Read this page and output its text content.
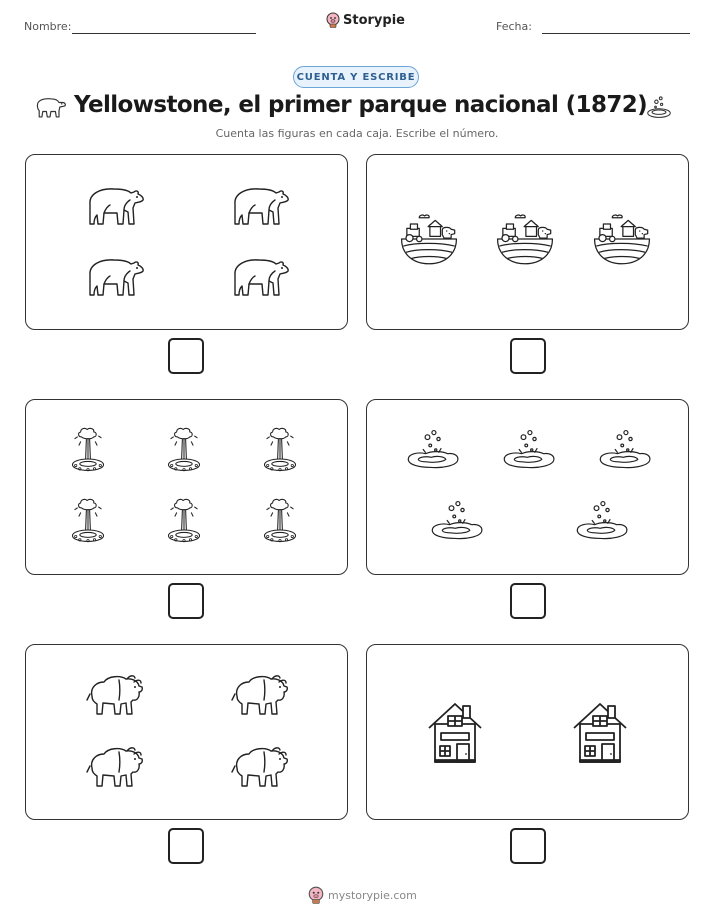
Nombre:	Storypie	Fecha:
CUENTA Y ESCRIBE
Yellowstone, el primer parque nacional (1872)
Cuenta las figuras en cada caja. Escribe el número.
mystorypie.com
